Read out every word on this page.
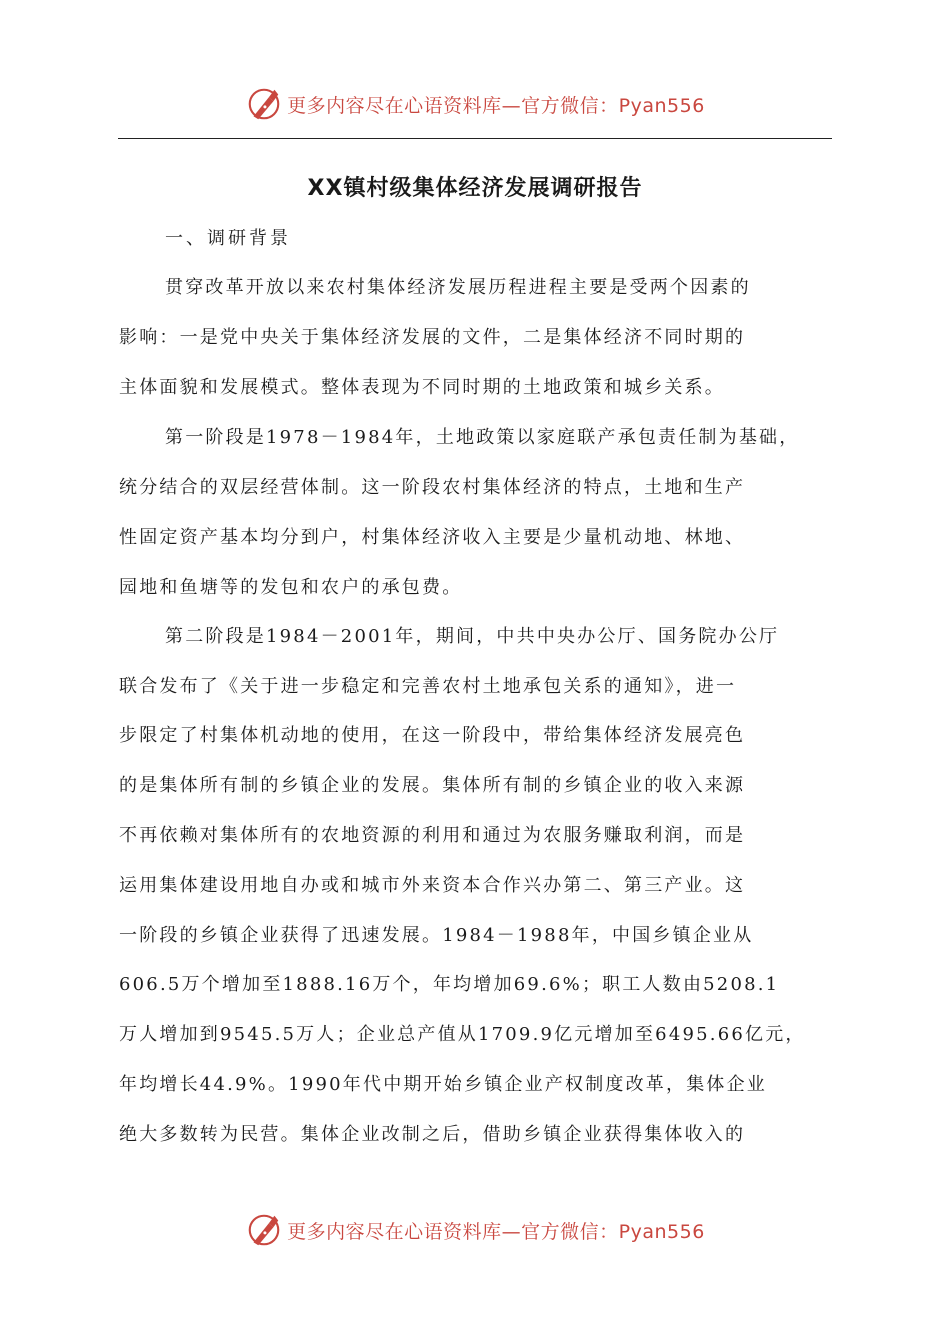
更多内容尽在心语资料库—官方微信：Pyan556
XX镇村级集体经济发展调研报告
一、调研背景
贯穿改革开放以来农村集体经济发展历程进程主要是受两个因素的
影响：一是党中央关于集体经济发展的文件，二是集体经济不同时期的
主体面貌和发展模式。整体表现为不同时期的土地政策和城乡关系。
第一阶段是1978－1984年，土地政策以家庭联产承包责任制为基础，
统分结合的双层经营体制。这一阶段农村集体经济的特点，土地和生产
性固定资产基本均分到户，村集体经济收入主要是少量机动地、林地、
园地和鱼塘等的发包和农户的承包费。
第二阶段是1984－2001年，期间，中共中央办公厅、国务院办公厅
联合发布了《关于进一步稳定和完善农村土地承包关系的通知》，进一
步限定了村集体机动地的使用，在这一阶段中，带给集体经济发展亮色
的是集体所有制的乡镇企业的发展。集体所有制的乡镇企业的收入来源
不再依赖对集体所有的农地资源的利用和通过为农服务赚取利润，而是
运用集体建设用地自办或和城市外来资本合作兴办第二、第三产业。这
一阶段的乡镇企业获得了迅速发展。1984－1988年，中国乡镇企业从
606.5万个增加至1888.16万个，年均增加69.6%；职工人数由5208.1
万人增加到9545.5万人；企业总产值从1709.9亿元增加至6495.66亿元，
年均增长44.9%。1990年代中期开始乡镇企业产权制度改革，集体企业
绝大多数转为民营。集体企业改制之后，借助乡镇企业获得集体收入的
更多内容尽在心语资料库—官方微信：Pyan556
